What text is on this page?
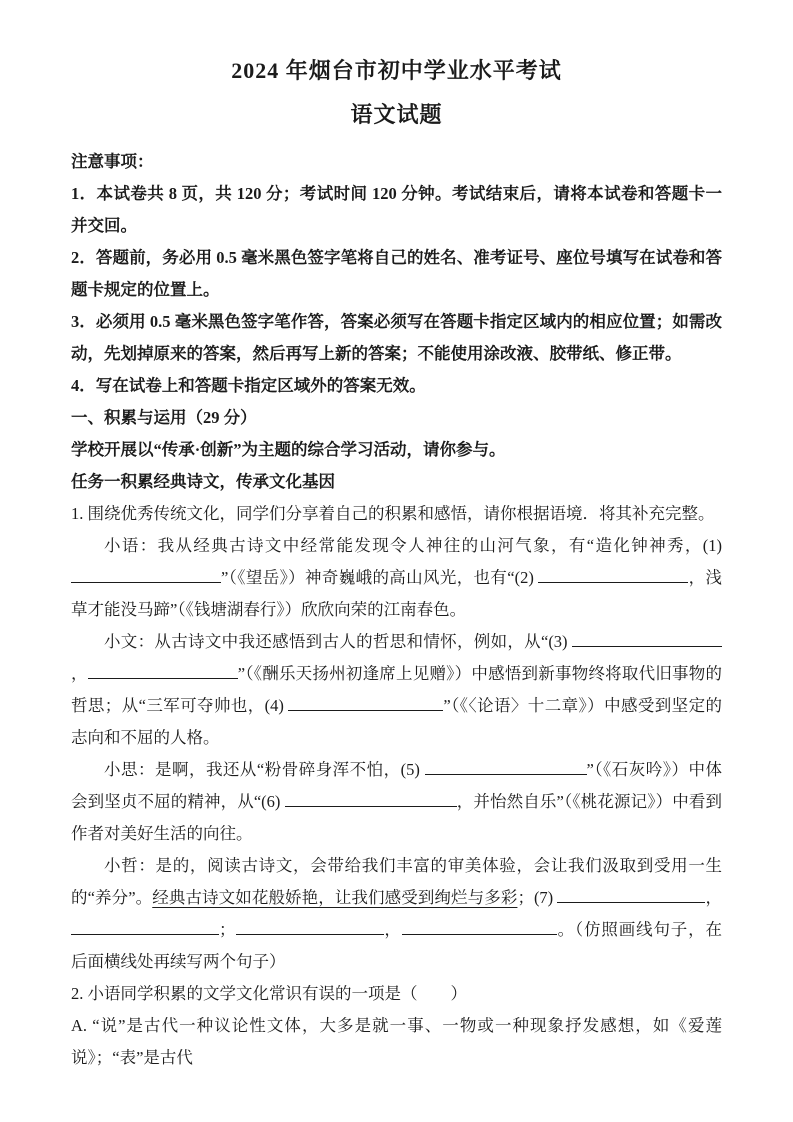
2024 年烟台市初中学业水平考试
语文试题

注意事项：

1．本试卷共 8 页，共 120 分；考试时间 120 分钟。考试结束后，请将本试卷和答题卡一并交回。

2．答题前，务必用 0.5 毫米黑色签字笔将自己的姓名、准考证号、座位号填写在试卷和答题卡规定的位置上。

3．必须用 0.5 毫米黑色签字笔作答，答案必须写在答题卡指定区域内的相应位置；如需改动，先划掉原来的答案，然后再写上新的答案；不能使用涂改液、胶带纸、修正带。

4．写在试卷上和答题卡指定区域外的答案无效。

一、积累与运用（29 分）

学校开展以“传承·创新”为主题的综合学习活动，请你参与。

任务一积累经典诗文，传承文化基因

1. 围绕优秀传统文化，同学们分享着自己的积累和感悟，请你根据语境．将其补充完整。

小语：我从经典古诗文中经常能发现令人神往的山河气象，有“造化钟神秀，(1) ”（《望岳》）神奇巍峨的高山风光，也有“(2)	，浅草才能没马蹄”（《钱塘湖春行》）欣欣向荣的江南春色。

小文：从古诗文中我还感悟到古人的哲思和情怀，例如，从“(3) ，	”（《酬乐天扬州初逢席上见赠》）中感悟到新事物终将取代旧事物的哲思；从“三军可夺帅也，(4)	”（《〈论语〉十二章》）中感受到坚定的志向和不屈的人格。

小思：是啊，我还从“粉骨碎身浑不怕，(5)	”（《石灰吟》）中体会到坚贞不屈的精神，从“(6)	，并怡然自乐”（《桃花源记》）中看到作者对美好生活的向往。

小哲：是的，阅读古诗文，会带给我们丰富的审美体验，会让我们汲取到受用一生的“养分”。经典古诗文如花般娇艳，让我们感受到绚烂与多彩；(7)	，；	，	。（仿照画线句子，在后面横线处再续写两个句子）

2. 小语同学积累的文学文化常识有误的一项是（　　）

A. “说”是古代一种议论性文体，大多是就一事、一物或一种现象抒发感想，如《爱莲说》；“表”是古代
